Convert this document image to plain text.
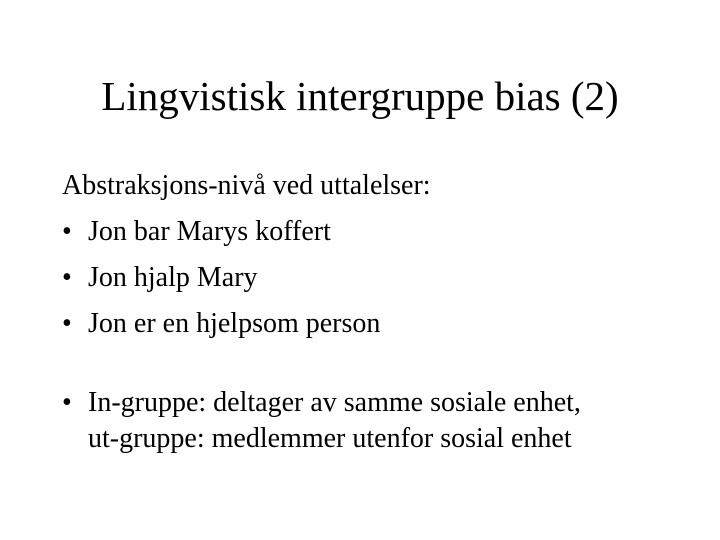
Lingvistisk intergruppe bias (2)
Abstraksjons-nivå ved uttalelser:
• Jon bar Marys koffert
• Jon hjalp Mary
• Jon er en hjelpsom person
• In-gruppe: deltager av samme sosiale enhet,
ut-gruppe: medlemmer utenfor sosial enhet
